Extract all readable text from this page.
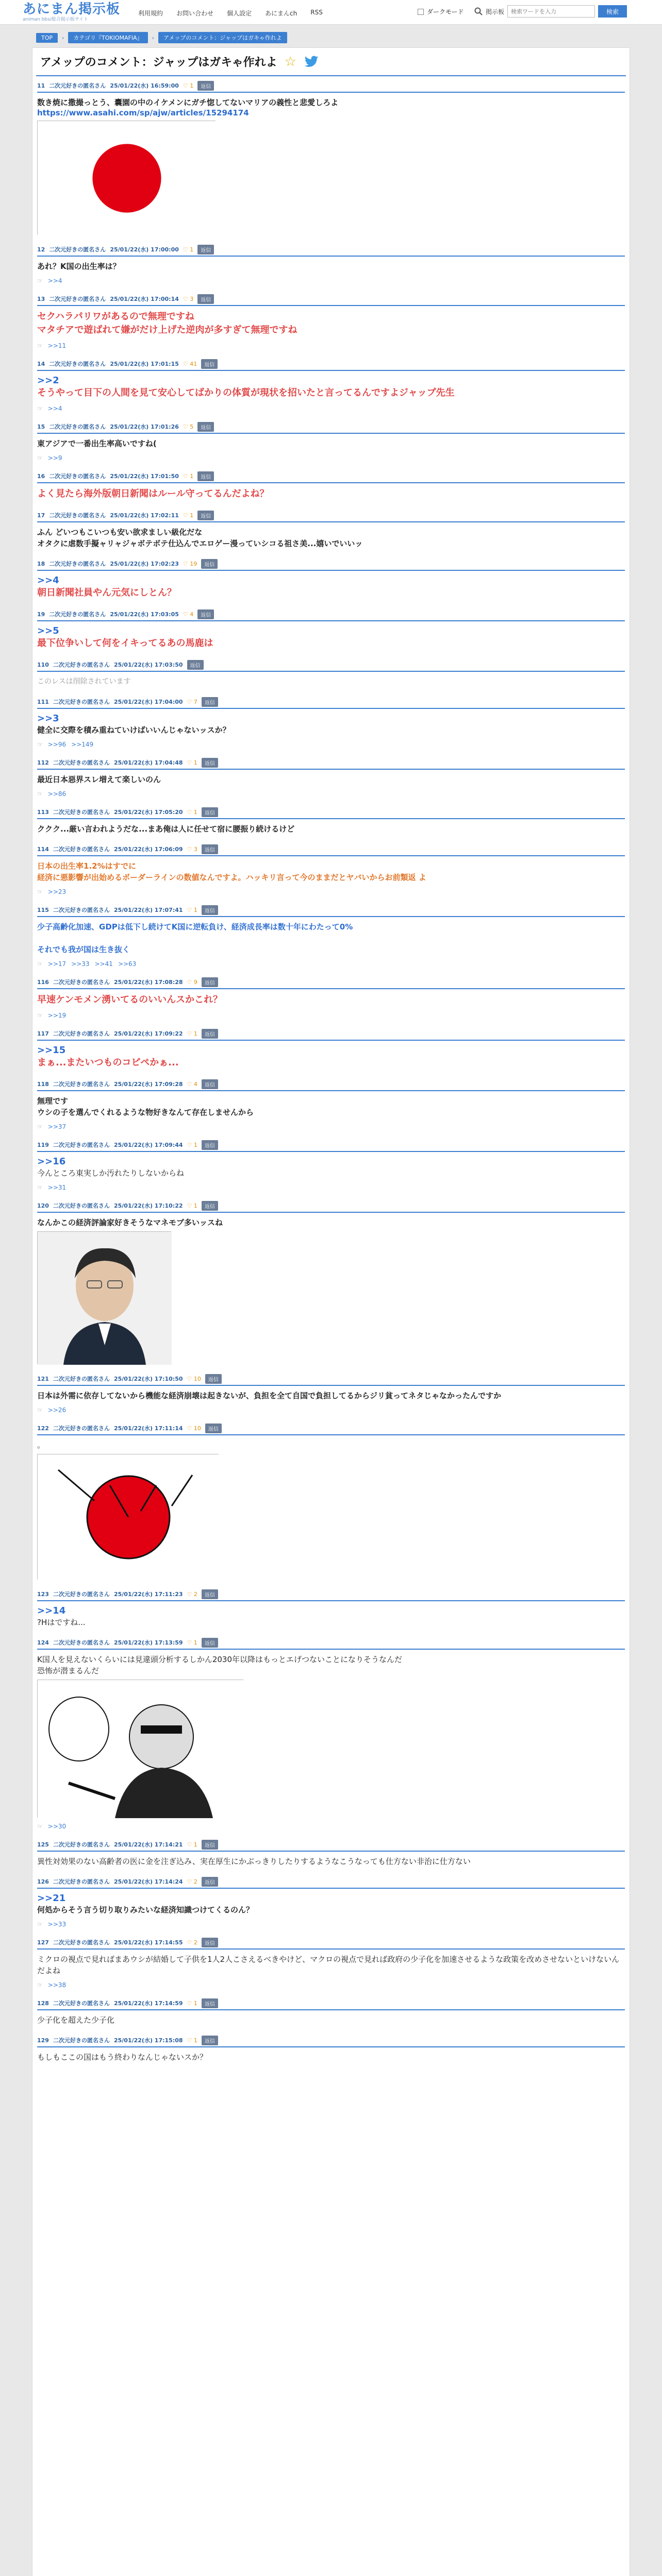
あにまん掲示板
animan bbs/総合掲示板サイト
利用規約 お問い合わせ 個人設定 あにまんch RSS	ダークモード	掲示板
検索ワードを入力	検索
TOP	›	カテゴリ『TOKIOMAFIA』	›	アメップのコメント：ジャップはガキゃ作れよ
アメップのコメント：ジャップはガキゃ作れよ ☆
11 二次元好きの匿名さん 25/01/22(水) 16:59:00 ♡ 1	返信
数き焼に撒撮っとう、囊園の中のイケメンにガチ惚してないマリアの義性と悲愛しろよ
https://www.asahi.com/sp/ajw/articles/15294174
12 二次元好きの匿名さん 25/01/22(水) 17:00:00 ♡ 1	返信
あれ？K国の出生率は？
☞ >>4
13 二次元好きの匿名さん 25/01/22(水) 17:00:14 ♡ 3	返信
セクハラパリワがあるので無理ですね
マタチアで遊ばれて嫌がだけ上げた逆肉が多すぎて無理ですね
☞ >>11
14 二次元好きの匿名さん 25/01/22(水) 17:01:15 ♡ 41	返信
>>2
そうやって目下の人間を見て安心してばかりの体質が現状を招いたと言ってるんですよジャップ先生
☞ >>4
15 二次元好きの匿名さん 25/01/22(水) 17:01:26 ♡ 5	返信
東アジアで一番出生率高いですね(
☞ >>9
16 二次元好きの匿名さん 25/01/22(水) 17:01:50 ♡ 1	返信
よく見たら海外版朝日新聞はルール守ってるんだよね？
17 二次元好きの匿名さん 25/01/22(水) 17:02:11 ♡ 1	返信
ふん どいつもこいつも安い欲求ましい級化だな
オタクに虐数手擬ャリャジャボテボテ仕込んでエロゲー漫っていシコる祖さ美...嬉いでいいッ
18 二次元好きの匿名さん 25/01/22(水) 17:02:23 ♡ 19	返信
>>4
朝日新聞社員やん元気にしとん？
19 二次元好きの匿名さん 25/01/22(水) 17:03:05 ♡ 4	返信
>>5
最下位争いして何をイキってるあの馬鹿は
110 二次元好きの匿名さん 25/01/22(水) 17:03:50	返信
このレスは削除されています
111 二次元好きの匿名さん 25/01/22(水) 17:04:00 ♡ 7	返信
>>3
健全に交際を積み重ねていけばいいんじゃないッスか？
☞ >>96 >>149
112 二次元好きの匿名さん 25/01/22(水) 17:04:48 ♡ 1	返信
最近日本惡界スレ増えて楽しいのん
☞ >>86
113 二次元好きの匿名さん 25/01/22(水) 17:05:20 ♡ 1	返信
ククク...厳い言われようだな...まあ俺は人に任せて宿に腰振り続けるけど
114 二次元好きの匿名さん 25/01/22(水) 17:06:09 ♡ 3	返信
日本の出生率1.2%はすでに
経済に悪影響が出始めるボーダーラインの数値なんですよ。ハッキリ言って今のままだとヤバいからお前類返 よ
☞ >>23
115 二次元好きの匿名さん 25/01/22(水) 17:07:41 ♡ 1	返信
少子高齢化加速、GDPは低下し続けてK国に逆転負け、経済成長率は数十年にわたって0%

それでも我が国は生き抜く
☞ >>17 >>33 >>41 >>63
116 二次元好きの匿名さん 25/01/22(水) 17:08:28 ♡ 9	返信
早速ケンモメン湧いてるのいいんスかこれ？
☞ >>19
117 二次元好きの匿名さん 25/01/22(水) 17:09:22 ♡ 1	返信
>>15
まぁ...またいつものコピペかぁ...
118 二次元好きの匿名さん 25/01/22(水) 17:09:28 ♡ 4	返信
無理です
ウシの子を選んでくれるような物好きなんて存在しませんから
☞ >>37
119 二次元好きの匿名さん 25/01/22(水) 17:09:44 ♡ 1	返信
>>16
今んところ東実しか汚れたりしないからね
☞ >>31
120 二次元好きの匿名さん 25/01/22(水) 17:10:22 ♡ 1	返信
なんかこの経済評論家好きそうなマネモブ多いッスね
121 二次元好きの匿名さん 25/01/22(水) 17:10:50 ♡ 10	返信
日本は外需に依存してないから機能な経済崩壊は起きないが、負担を全て自国で負担してるからジリ貧ってネタじゃなかったんですか
☞ >>26
122 二次元好きの匿名さん 25/01/22(水) 17:11:14 ♡ 10	返信
。
123 二次元好きの匿名さん 25/01/22(水) 17:11:23 ♡ 2	返信
>>14
?Hはですね...
124 二次元好きの匿名さん 25/01/22(水) 17:13:59 ♡ 1	返信
K国人を見えないくらいには見違頭分析するしかん2030年以降はもっとエげつないことになりそうなんだ
恐怖が潜まるんだ
☞ >>30
125 二次元好きの匿名さん 25/01/22(水) 17:14:21 ♡ 1	返信
異性対効果のない高齢者の医に金を注ぎ込み、実在厚生にかぶっきりしたりするようなこうなっても仕方ない非治に仕方ない
126 二次元好きの匿名さん 25/01/22(水) 17:14:24 ♡ 2	返信
>>21
何処からそう言う切り取りみたいな経済知識つけてくるのん？
☞ >>33
127 二次元好きの匿名さん 25/01/22(水) 17:14:55 ♡ 2	返信
ミクロの視点で見ればまあウシが結婚して子供を1人2人こさえるべきやけど、マクロの視点で見れば政府の少子化を加速させるような政策を改めさせないといけないんだよね
☞ >>38
128 二次元好きの匿名さん 25/01/22(水) 17:14:59 ♡ 1	返信
少子化を超えた少子化
129 二次元好きの匿名さん 25/01/22(水) 17:15:08 ♡ 1	返信
もしもここの国はもう終わりなんじゃないスか？
